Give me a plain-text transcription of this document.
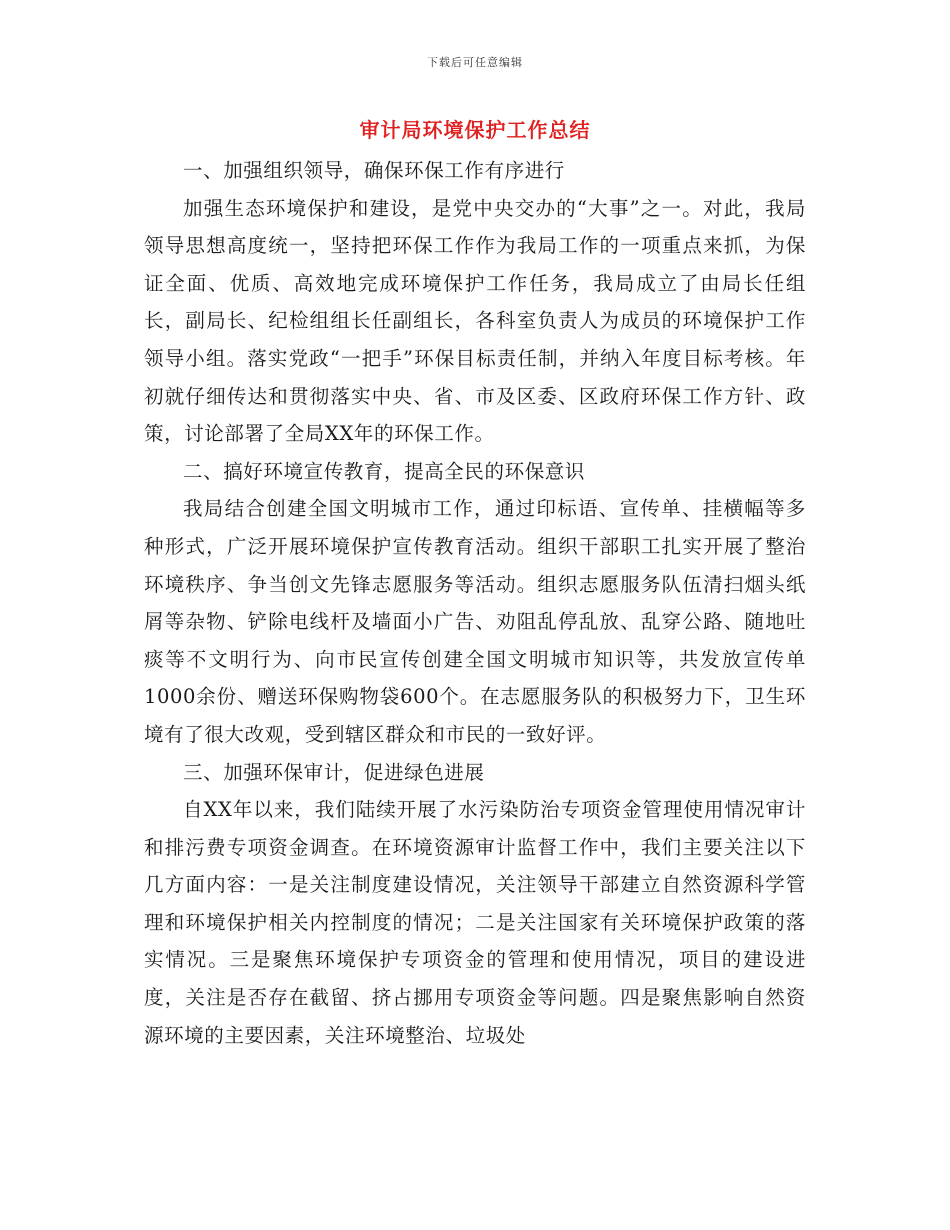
下载后可任意编辑
审计局环境保护工作总结

一、加强组织领导，确保环保工作有序进行

加强生态环境保护和建设，是党中央交办的“大事”之一。对此，我局领导思想高度统一，坚持把环保工作作为我局工作的一项重点来抓，为保证全面、优质、高效地完成环境保护工作任务，我局成立了由局长任组长，副局长、纪检组组长任副组长，各科室负责人为成员的环境保护工作领导小组。落实党政“一把手”环保目标责任制，并纳入年度目标考核。年初就仔细传达和贯彻落实中央、省、市及区委、区政府环保工作方针、政策，讨论部署了全局XX年的环保工作。

二、搞好环境宣传教育，提高全民的环保意识

我局结合创建全国文明城市工作，通过印标语、宣传单、挂横幅等多种形式，广泛开展环境保护宣传教育活动。组织干部职工扎实开展了整治环境秩序、争当创文先锋志愿服务等活动。组织志愿服务队伍清扫烟头纸屑等杂物、铲除电线杆及墙面小广告、劝阻乱停乱放、乱穿公路、随地吐痰等不文明行为、向市民宣传创建全国文明城市知识等，共发放宣传单1000余份、赠送环保购物袋600个。在志愿服务队的积极努力下，卫生环境有了很大改观，受到辖区群众和市民的一致好评。

三、加强环保审计，促进绿色进展

自XX年以来，我们陆续开展了水污染防治专项资金管理使用情况审计和排污费专项资金调查。在环境资源审计监督工作中，我们主要关注以下几方面内容：一是关注制度建设情况，关注领导干部建立自然资源科学管理和环境保护相关内控制度的情况；二是关注国家有关环境保护政策的落实情况。三是聚焦环境保护专项资金的管理和使用情况，项目的建设进度，关注是否存在截留、挤占挪用专项资金等问题。四是聚焦影响自然资源环境的主要因素，关注环境整治、垃圾处
